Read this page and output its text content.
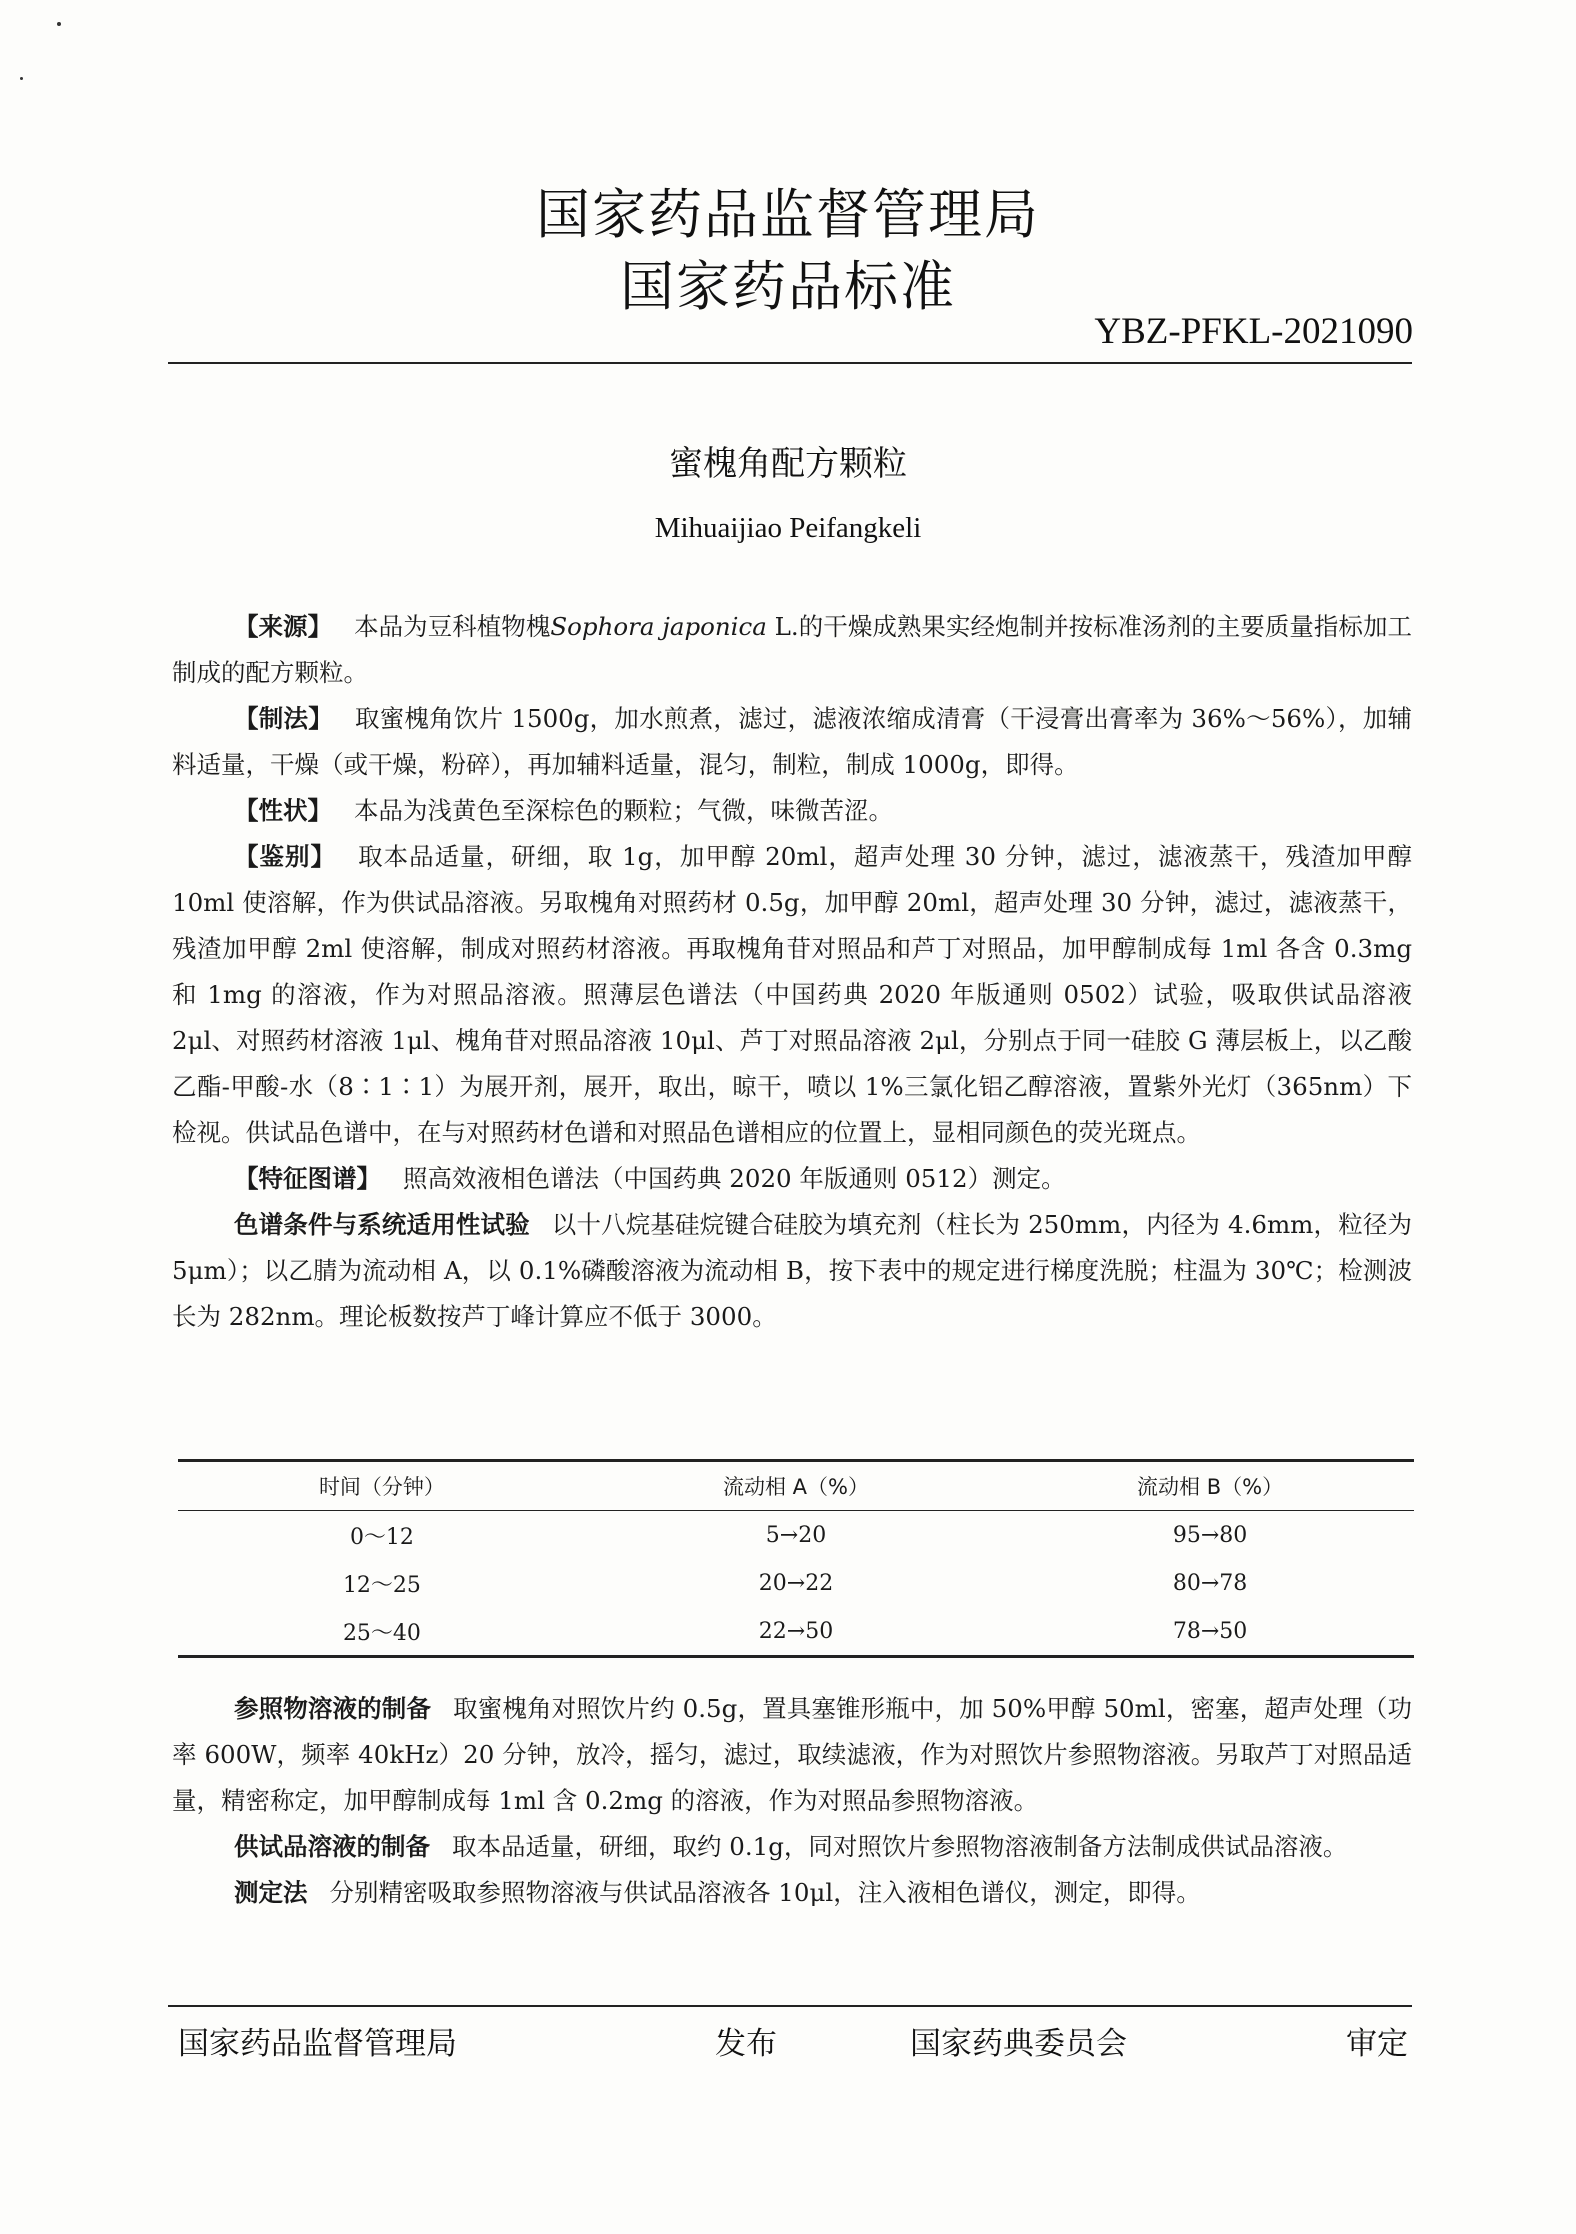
国家药品监督管理局
国家药品标准
YBZ-PFKL-2021090
蜜槐角配方颗粒
Mihuaijiao Peifangkeli

【来源】 本品为豆科植物槐Sophora japonica L.的干燥成熟果实经炮制并按标准汤剂的主要质量指标加工制成的配方颗粒。

【制法】 取蜜槐角饮片 1500g，加水煎煮，滤过，滤液浓缩成清膏（干浸膏出膏率为 36%～56%），加辅料适量，干燥（或干燥，粉碎），再加辅料适量，混匀，制粒，制成 1000g，即得。

【性状】 本品为浅黄色至深棕色的颗粒；气微，味微苦涩。

【鉴别】 取本品适量，研细，取 1g，加甲醇 20ml，超声处理 30 分钟，滤过，滤液蒸干，残渣加甲醇 10ml 使溶解，作为供试品溶液。另取槐角对照药材 0.5g，加甲醇 20ml，超声处理 30 分钟，滤过，滤液蒸干，残渣加甲醇 2ml 使溶解，制成对照药材溶液。再取槐角苷对照品和芦丁对照品，加甲醇制成每 1ml 各含 0.3mg 和 1mg 的溶液，作为对照品溶液。照薄层色谱法（中国药典 2020 年版通则 0502）试验，吸取供试品溶液 2μl、对照药材溶液 1μl、槐角苷对照品溶液 10μl、芦丁对照品溶液 2μl，分别点于同一硅胶 G 薄层板上，以乙酸乙酯-甲酸-水（8∶1∶1）为展开剂，展开，取出，晾干，喷以 1%三氯化铝乙醇溶液，置紫外光灯（365nm）下检视。供试品色谱中，在与对照药材色谱和对照品色谱相应的位置上，显相同颜色的荧光斑点。

【特征图谱】 照高效液相色谱法（中国药典 2020 年版通则 0512）测定。

色谱条件与系统适用性试验 以十八烷基硅烷键合硅胶为填充剂（柱长为 250mm，内径为 4.6mm，粒径为 5μm）；以乙腈为流动相 A，以 0.1%磷酸溶液为流动相 B，按下表中的规定进行梯度洗脱；柱温为 30℃；检测波长为 282nm。理论板数按芦丁峰计算应不低于 3000。

时间（分钟）	流动相 A（%）	流动相 B（%）
0～12	5→20	95→80
12～25	20→22	80→78
25～40	22→50	78→50

参照物溶液的制备 取蜜槐角对照饮片约 0.5g，置具塞锥形瓶中，加 50%甲醇 50ml，密塞，超声处理（功率 600W，频率 40kHz）20 分钟，放冷，摇匀，滤过，取续滤液，作为对照饮片参照物溶液。另取芦丁对照品适量，精密称定，加甲醇制成每 1ml 含 0.2mg 的溶液，作为对照品参照物溶液。

供试品溶液的制备 取本品适量，研细，取约 0.1g，同对照饮片参照物溶液制备方法制成供试品溶液。

测定法 分别精密吸取参照物溶液与供试品溶液各 10μl，注入液相色谱仪，测定，即得。

国家药品监督管理局	发布	国家药典委员会	审定
